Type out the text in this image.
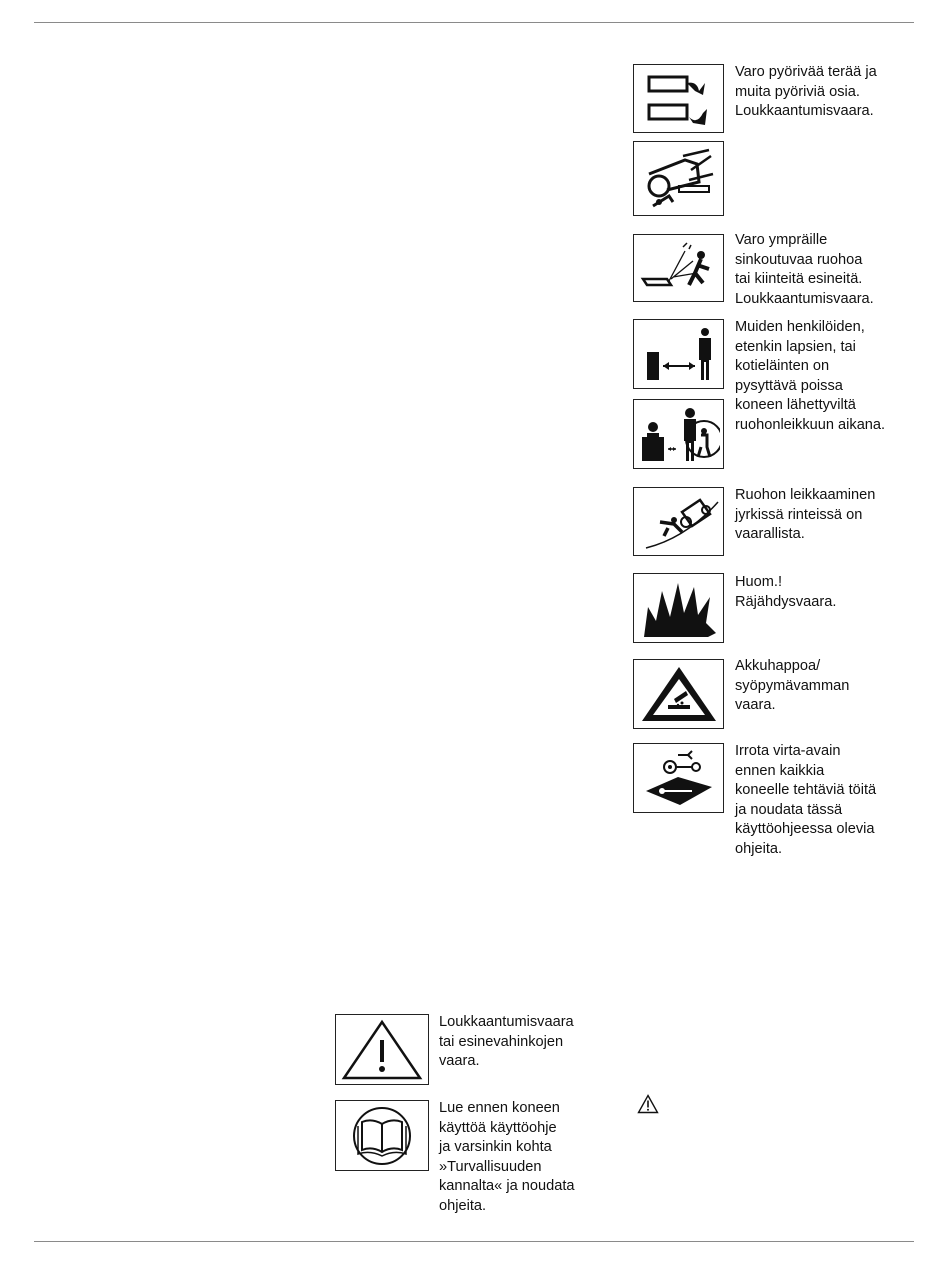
Varo pyörivää terää ja
muita pyöriviä osia.
Loukkaantumisvaara.
Varo ympräille
sinkoutuvaa ruohoa
tai kiinteitä esineitä.
Loukkaantumisvaara.
Muiden henkilöiden,
etenkin lapsien, tai
kotieläinten on
pysyttävä poissa
koneen lähettyviltä
ruohonleikkuun aikana.
Ruohon leikkaaminen
jyrkissä rinteissä on
vaarallista.
Huom.!
Räjähdysvaara.
Akkuhappoa/
syöpymävamman
vaara.
Irrota virta-avain
ennen kaikkia
koneelle tehtäviä töitä
ja noudata tässä
käyttöohjeessa olevia
ohjeita.
Loukkaantumisvaara
tai esinevahinkojen
vaara.
Lue ennen koneen
käyttöä käyttöohje
ja varsinkin kohta
»Turvallisuuden
kannalta« ja noudata
ohjeita.
